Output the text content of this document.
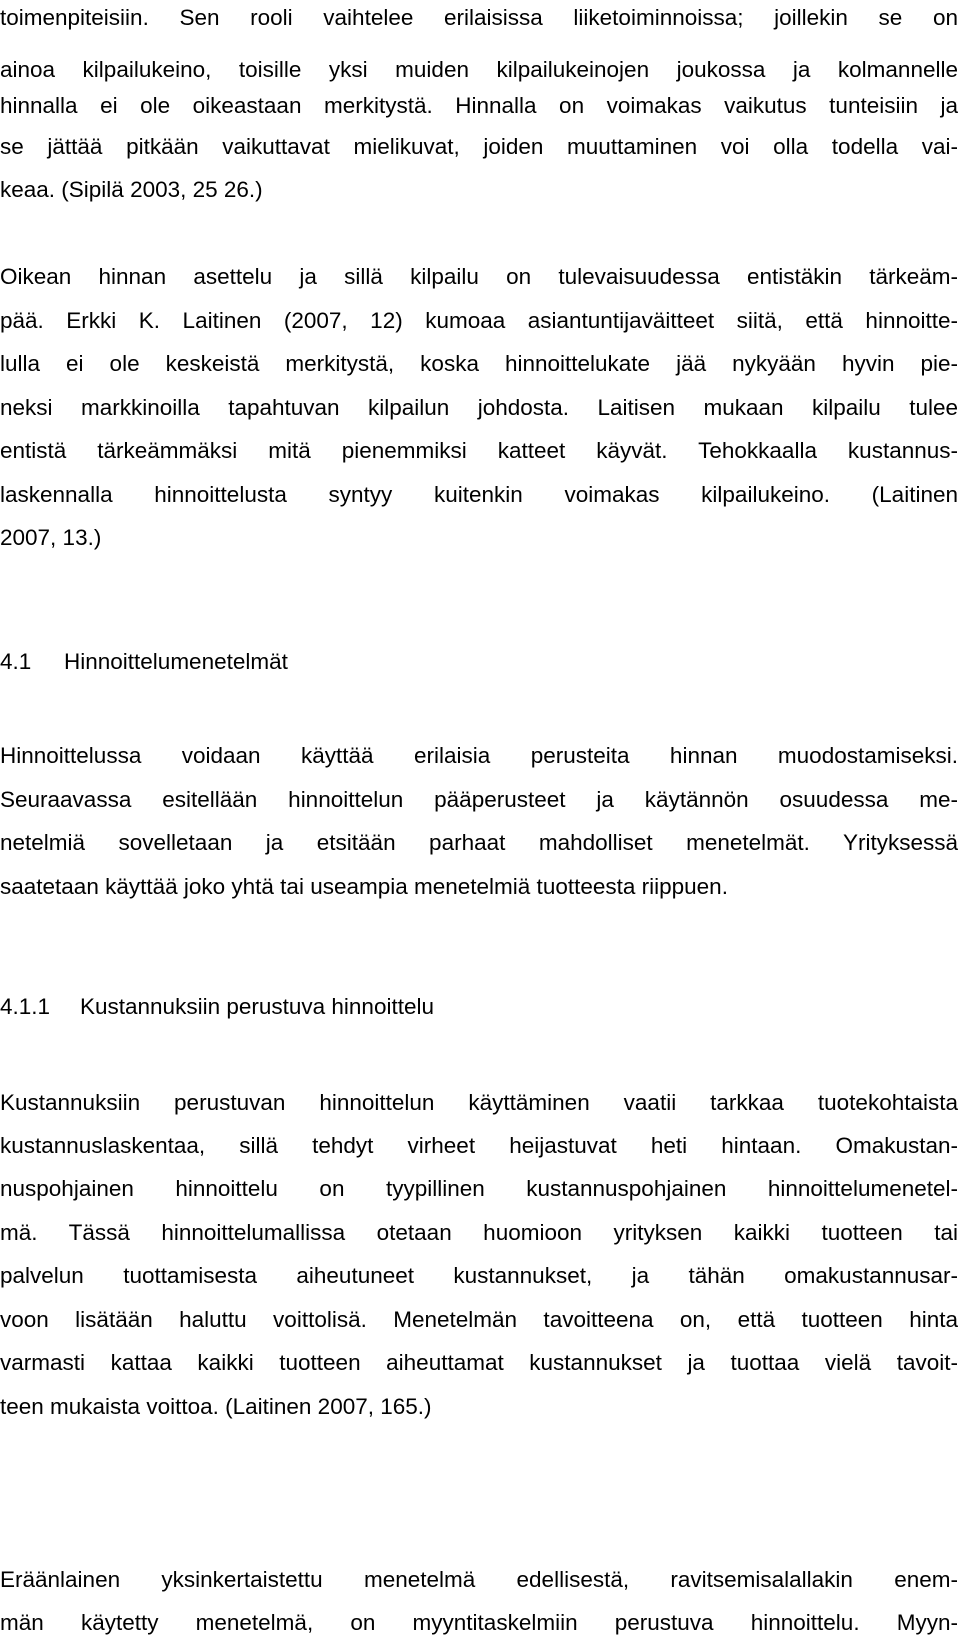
toimenpiteisiin. Sen rooli vaihtelee erilaisissa liiketoiminnoissa; joillekin se on
ainoa kilpailukeino, toisille yksi muiden kilpailukeinojen joukossa ja kolmannelle
hinnalla ei ole oikeastaan merkitystä. Hinnalla on voimakas vaikutus tunteisiin ja
se jättää pitkään vaikuttavat mielikuvat, joiden muuttaminen voi olla todella vai-
keaa. (Sipilä 2003, 25 26.)
Oikean hinnan asettelu ja sillä kilpailu on tulevaisuudessa entistäkin tärkeäm-
pää. Erkki K. Laitinen (2007, 12) kumoaa asiantuntijaväitteet siitä, että hinnoitte-
lulla ei ole keskeistä merkitystä, koska hinnoittelukate jää nykyään hyvin pie-
neksi markkinoilla tapahtuvan kilpailun johdosta. Laitisen mukaan kilpailu tulee
entistä tärkeämmäksi mitä pienemmiksi katteet käyvät. Tehokkaalla kustannus-
laskennalla hinnoittelusta syntyy kuitenkin voimakas kilpailukeino. (Laitinen
2007, 13.)
4.1 Hinnoittelumenetelmät
Hinnoittelussa voidaan käyttää erilaisia perusteita hinnan muodostamiseksi.
Seuraavassa esitellään hinnoittelun pääperusteet ja käytännön osuudessa me-
netelmiä sovelletaan ja etsitään parhaat mahdolliset menetelmät. Yrityksessä
saatetaan käyttää joko yhtä tai useampia menetelmiä tuotteesta riippuen.
4.1.1 Kustannuksiin perustuva hinnoittelu
Kustannuksiin perustuvan hinnoittelun käyttäminen vaatii tarkkaa tuotekohtaista
kustannuslaskentaa, sillä tehdyt virheet heijastuvat heti hintaan. Omakustan-
nuspohjainen hinnoittelu on tyypillinen kustannuspohjainen hinnoittelumenetel-
mä. Tässä hinnoittelumallissa otetaan huomioon yrityksen kaikki tuotteen tai
palvelun tuottamisesta aiheutuneet kustannukset, ja tähän omakustannusar-
voon lisätään haluttu voittolisä. Menetelmän tavoitteena on, että tuotteen hinta
varmasti kattaa kaikki tuotteen aiheuttamat kustannukset ja tuottaa vielä tavoit-
teen mukaista voittoa. (Laitinen 2007, 165.)
Eräänlainen yksinkertaistettu menetelmä edellisestä, ravitsemisalallakin enem-
män käytetty menetelmä, on myyntitaskelmiin perustuva hinnoittelu. Myyn-
